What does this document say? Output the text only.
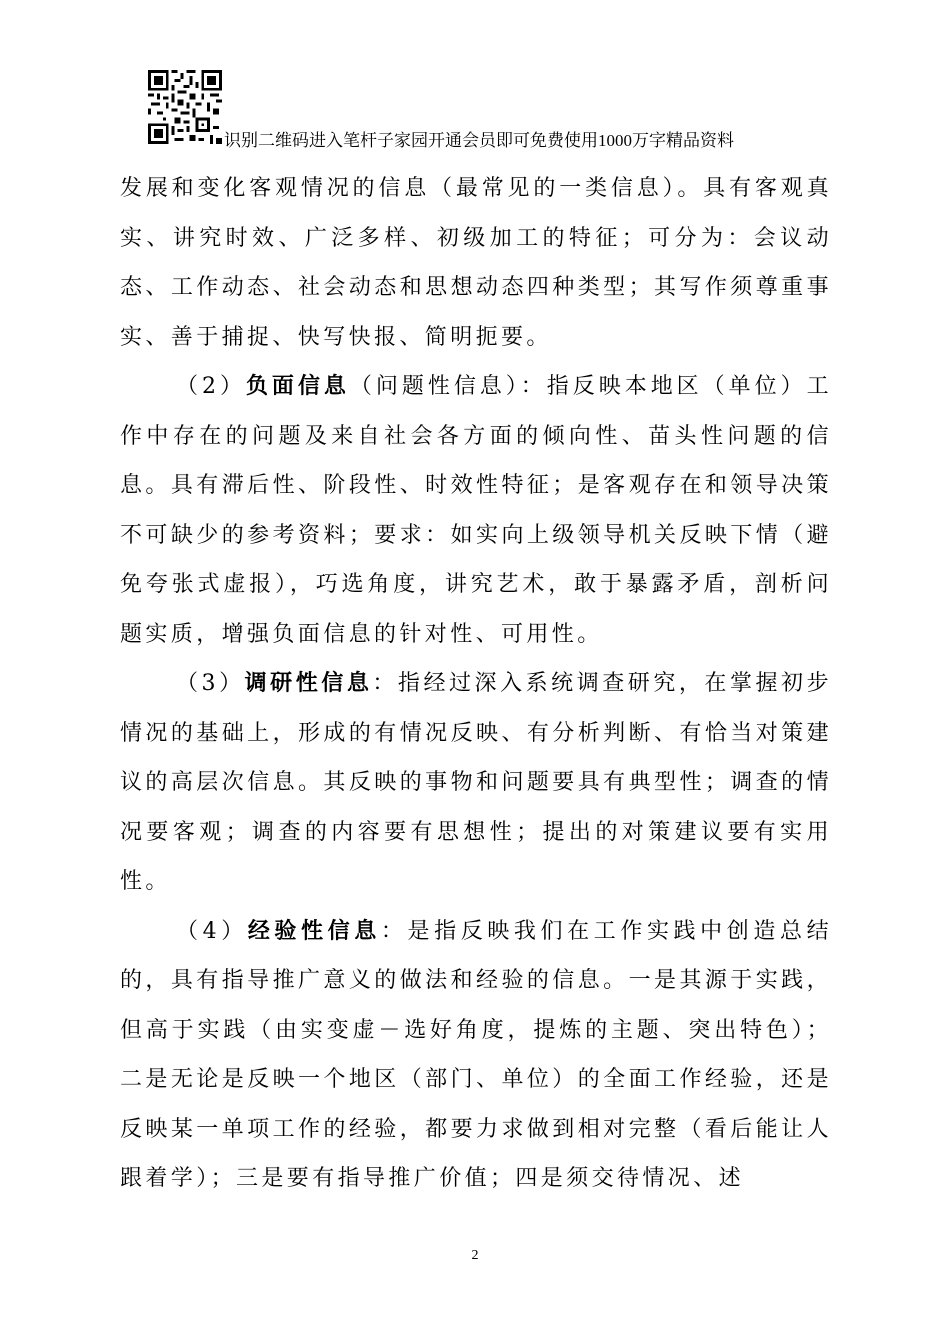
识别二维码进入笔杆子家园开通会员即可免费使用1000万字精品资料

发展和变化客观情况的信息（最常见的一类信息）。具有客观真实、讲究时效、广泛多样、初级加工的特征；可分为：会议动态、工作动态、社会动态和思想动态四种类型；其写作须尊重事实、善于捕捉、快写快报、简明扼要。

（2）负面信息（问题性信息）：指反映本地区（单位）工作中存在的问题及来自社会各方面的倾向性、苗头性问题的信息。具有滞后性、阶段性、时效性特征；是客观存在和领导决策不可缺少的参考资料；要求：如实向上级领导机关反映下情（避免夸张式虚报），巧选角度，讲究艺术，敢于暴露矛盾，剖析问题实质，增强负面信息的针对性、可用性。

（3）调研性信息：指经过深入系统调查研究，在掌握初步情况的基础上，形成的有情况反映、有分析判断、有恰当对策建议的高层次信息。其反映的事物和问题要具有典型性；调查的情况要客观；调查的内容要有思想性；提出的对策建议要有实用性。

（4）经验性信息：是指反映我们在工作实践中创造总结的，具有指导推广意义的做法和经验的信息。一是其源于实践，但高于实践（由实变虚－选好角度，提炼的主题、突出特色）；二是无论是反映一个地区（部门、单位）的全面工作经验，还是反映某一单项工作的经验，都要力求做到相对完整（看后能让人跟着学）；三是要有指导推广价值；四是须交待情况、述

2
